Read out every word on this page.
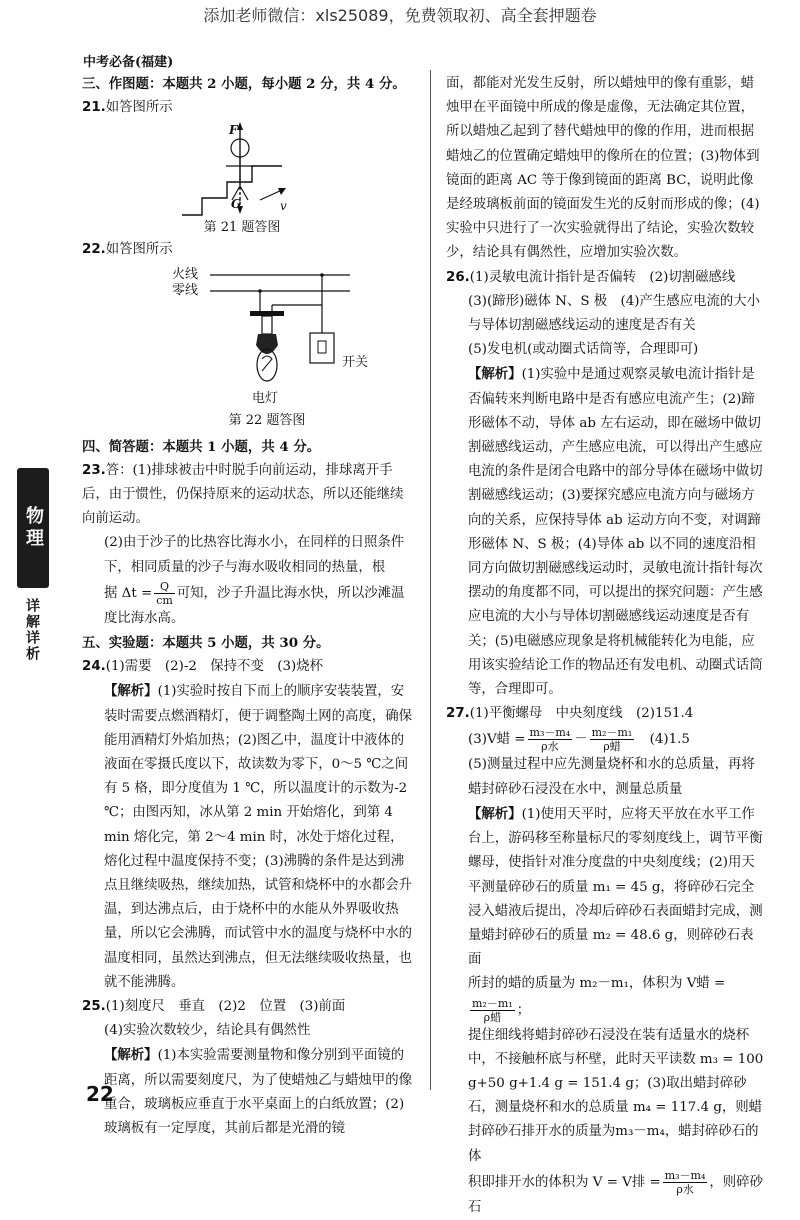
添加老师微信：xls25089，免费领取初、高全套押题卷
中考必备(福建)
物理
详解详析

三、作图题：本题共 2 小题，每小题 2 分，共 4 分。

21.如答图所示

F
G	v
第 21 题答图

22.如答图所示

火线
零线
开关
电灯
第 22 题答图

四、简答题：本题共 1 小题，共 4 分。

23.答：(1)排球被击中时脱手向前运动，排球离开手后，由于惯性，仍保持原来的运动状态，所以还能继续向前运动。

(2)由于沙子的比热容比海水小，在同样的日照条件下，相同质量的沙子与海水吸收相同的热量，根

据 $\Delta t = \frac{Q}{cm}$ 可知，沙子升温比海水快，所以沙滩温度比海水高。

五、实验题：本题共 5 小题，共 30 分。

24.(1)需要　(2)-2　保持不变　(3)烧杯

【解析】(1)实验时按自下而上的顺序安装装置，安装时需要点燃酒精灯，便于调整陶土网的高度，确保能用酒精灯外焰加热；(2)图乙中，温度计中液体的液面在零摄氏度以下，故读数为零下，0～5 ℃之间有 5 格，即分度值为 1 ℃，所以温度计的示数为-2 ℃；由图丙知，冰从第 2 min 开始熔化，到第 4 min 熔化完，第 2～4 min 时，冰处于熔化过程，熔化过程中温度保持不变；(3)沸腾的条件是达到沸点且继续吸热，继续加热，试管和烧杯中的水都会升温，到达沸点后，由于烧杯中的水能从外界吸收热量，所以它会沸腾，而试管中水的温度与烧杯中水的温度相同，虽然达到沸点，但无法继续吸收热量，也就不能沸腾。

25.(1)刻度尺　垂直　(2)2　位置　(3)前面

(4)实验次数较少，结论具有偶然性

【解析】(1)本实验需要测量物和像分别到平面镜的距离，所以需要刻度尺，为了使蜡烛乙与蜡烛甲的像重合，玻璃板应垂直于水平桌面上的白纸放置；(2)玻璃板有一定厚度，其前后都是光滑的镜

面，都能对光发生反射，所以蜡烛甲的像有重影，蜡烛甲在平面镜中所成的像是虚像，无法确定其位置，所以蜡烛乙起到了替代蜡烛甲的像的作用，进而根据蜡烛乙的位置确定蜡烛甲的像所在的位置；(3)物体到镜面的距离 AC 等于像到镜面的距离 BC，说明此像是经玻璃板前面的镜面发生光的反射而形成的像；(4)实验中只进行了一次实验就得出了结论，实验次数较少，结论具有偶然性，应增加实验次数。

26.(1)灵敏电流计指针是否偏转　(2)切割磁感线

(3)(蹄形)磁体 N、S 极　(4)产生感应电流的大小与导体切割磁感线运动的速度是否有关

(5)发电机(或动圈式话筒等，合理即可)

【解析】(1)实验中是通过观察灵敏电流计指针是否偏转来判断电路中是否有感应电流产生；(2)蹄形磁体不动，导体 ab 左右运动，即在磁场中做切割磁感线运动，产生感应电流，可以得出产生感应电流的条件是闭合电路中的部分导体在磁场中做切割磁感线运动；(3)要探究感应电流方向与磁场方向的关系，应保持导体 ab 运动方向不变，对调蹄形磁体 N、S 极；(4)导体 ab 以不同的速度沿相同方向做切割磁感线运动时，灵敏电流计指针每次摆动的角度都不同，可以提出的探究问题：产生感应电流的大小与导体切割磁感线运动速度是否有关；(5)电磁感应现象是将机械能转化为电能，应用该实验结论工作的物品还有发电机、动圈式话筒等，合理即可。

27.(1)平衡螺母　中央刻度线　(2)151.4

(3)V蜡 = $\frac{\text{m₃－m₄}}{\text{ρ水}} - \frac{\text{m₂－m₁}}{\text{ρ蜡}}$
　 (4)1.5

(5)测量过程中应先测量烧杯和水的总质量，再将蜡封碎砂石浸没在水中，测量总质量

【解析】(1)使用天平时，应将天平放在水平工作台上，游码移至称量标尺的零刻度线上，调节平衡螺母，使指针对准分度盘的中央刻度线；(2)用天平测量碎砂石的质量 m₁ = 45 g，将碎砂石完全浸入蜡液后提出，冷却后碎砂石表面蜡封完成，测量蜡封碎砂石的质量 m₂ = 48.6 g，则碎砂石表面

所封的蜡的质量为 m₂－m₁，体积为 V蜡 =
$\frac{\text{m₂－m₁}}{\text{ρ蜡}}$ ；

提住细线将蜡封碎砂石浸没在装有适量水的烧杯中，不接触杯底与杯壁，此时天平读数 m₃ = 100 g+50 g+1.4 g = 151.4 g；(3)取出蜡封碎砂石，测量烧杯和水的总质量 m₄ = 117.4 g，则蜡封碎砂石排开水的质量为m₃－m₄，蜡封碎砂石的体

积即排开水的体积为 V = V排 = $\frac{\text{m₃－m₄}}{\text{ρ水}}$ ，则碎砂石

22
